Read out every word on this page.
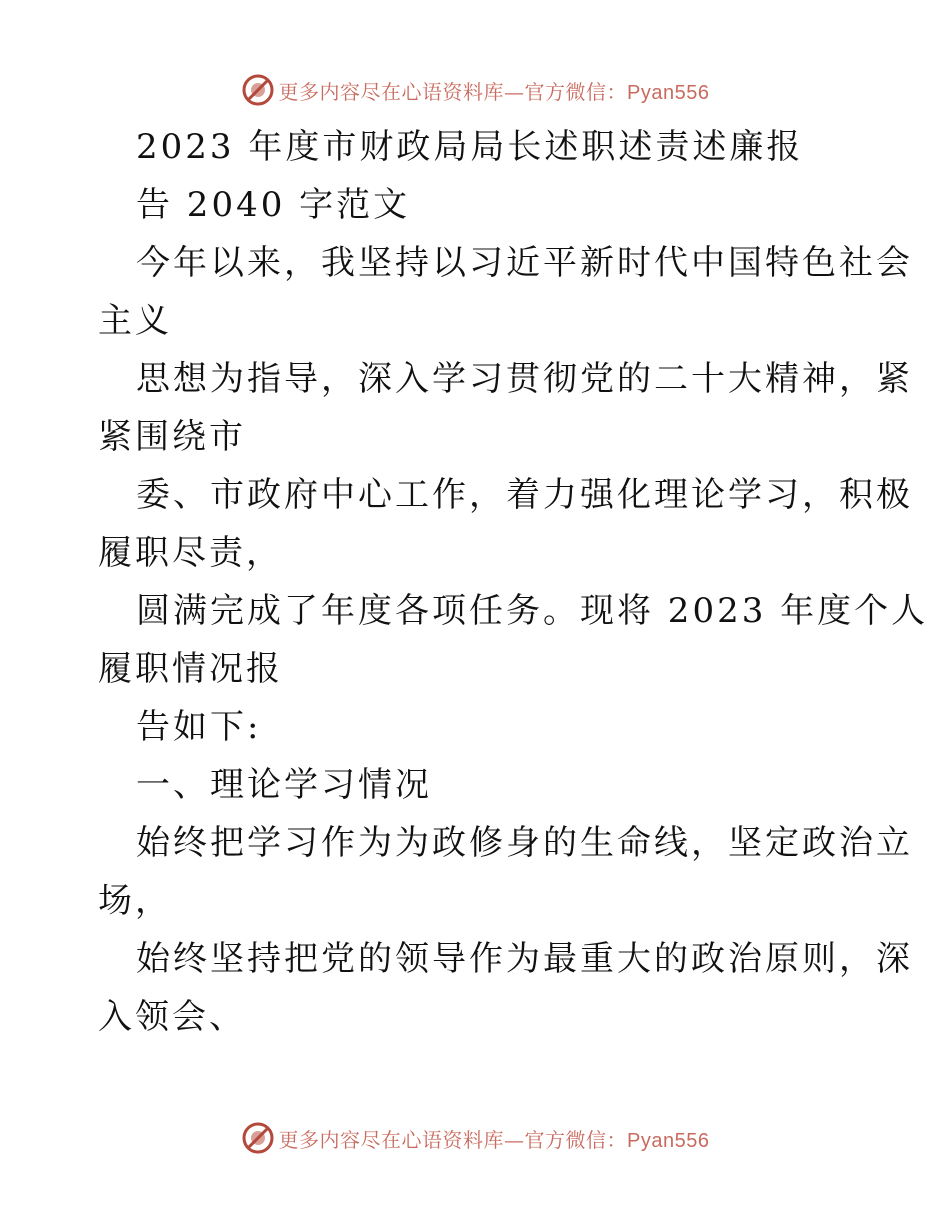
更多内容尽在心语资料库—官方微信：Pyan556
2023 年度市财政局局长述职述责述廉报
告 2040 字范文
今年以来，我坚持以习近平新时代中国特色社会
主义
思想为指导，深入学习贯彻党的二十大精神，紧
紧围绕市
委、市政府中心工作，着力强化理论学习，积极
履职尽责，
圆满完成了年度各项任务。现将 2023 年度个人
履职情况报
告如下:
一、理论学习情况
始终把学习作为为政修身的生命线，坚定政治立
场，
始终坚持把党的领导作为最重大的政治原则，深
入领会、
更多内容尽在心语资料库—官方微信：Pyan556
